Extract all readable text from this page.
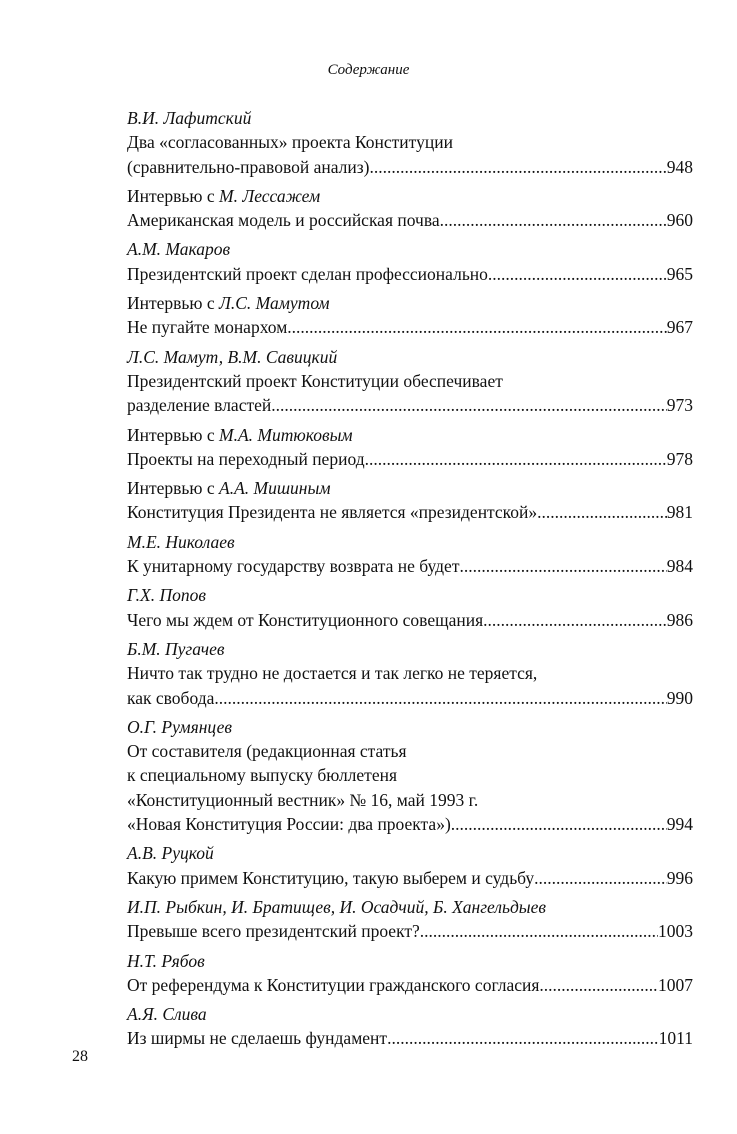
Содержание
В.И. Лафитский
Два «согласованных» проекта Конституции
(сравнительно-правовой анализ) .....	948
Интервью с М. Лессажем
Американская модель и российская почва .....	960
А.М. Макаров
Президентский проект сделан профессионально .....	965
Интервью с Л.С. Мамутом
Не пугайте монархом .....	967
Л.С. Мамут, В.М. Савицкий
Президентский проект Конституции обеспечивает
разделение властей .....	973
Интервью с М.А. Митюковым
Проекты на переходный период .....	978
Интервью с А.А. Мишиным
Конституция Президента не является «президентской» .....	981
М.Е. Николаев
К унитарному государству возврата не будет .....	984
Г.Х. Попов
Чего мы ждем от Конституционного совещания .....	986
Б.М. Пугачев
Ничто так трудно не достается и так легко не теряется,
как свобода .....	990
О.Г. Румянцев
От составителя (редакционная статья
к специальному выпуску бюллетеня
«Конституционный вестник» № 16, май 1993 г.
«Новая Конституция России: два проекта») .....	994
А.В. Руцкой
Какую примем Конституцию, такую выберем и судьбу .....	996
И.П. Рыбкин, И. Братищев, И. Осадчий, Б. Хангельдыев
Превыше всего президентский проект? .....	1003
Н.Т. Рябов
От референдума к Конституции гражданского согласия .....	1007
А.Я. Слива
Из ширмы не сделаешь фундамент .....	1011
28
